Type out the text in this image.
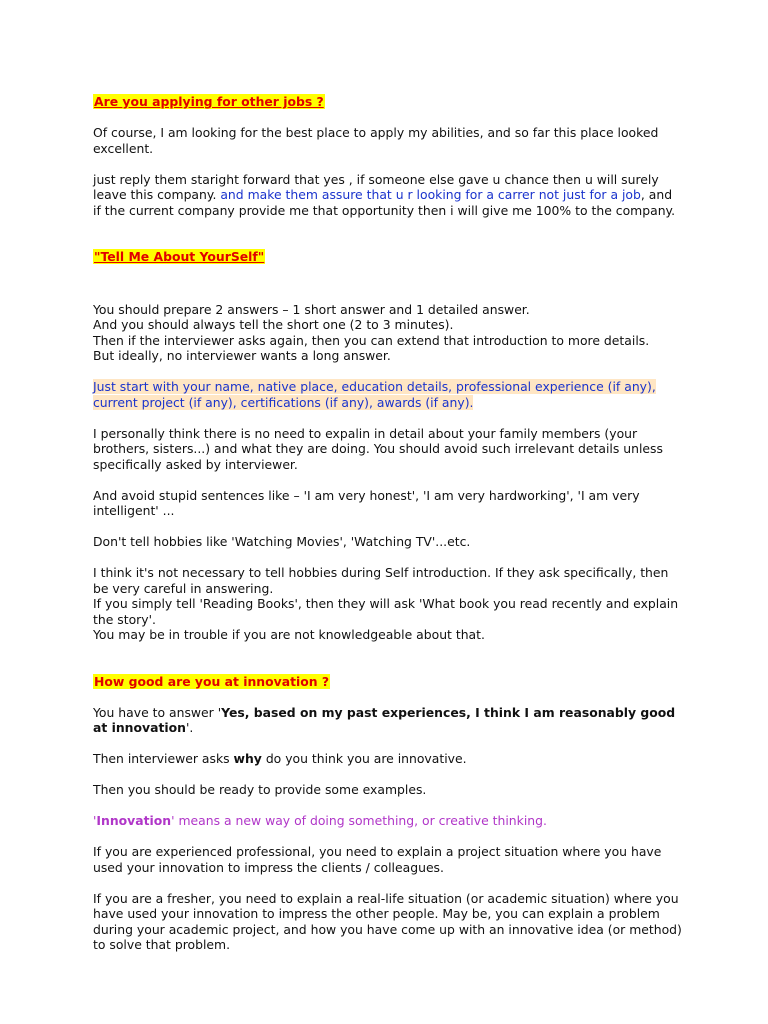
Are you applying for other jobs ?

Of course, I am looking for the best place to apply my abilities, and so far this place looked excellent.

just reply them staright forward that yes , if someone else gave u chance then u will surely leave this company. and make them assure that u r looking for a carrer not just for a job, and if the current company provide me that opportunity then i will give me 100% to the company.

"Tell Me About YourSelf"

You should prepare 2 answers – 1 short answer and 1 detailed answer.

And you should always tell the short one (2 to 3 minutes).

Then if the interviewer asks again, then you can extend that introduction to more details.

But ideally, no interviewer wants a long answer.

Just start with your name, native place, education details, professional experience (if any), current project (if any), certifications (if any), awards (if any).

I personally think there is no need to expalin in detail about your family members (your brothers, sisters...) and what they are doing. You should avoid such irrelevant details unless specifically asked by interviewer.

And avoid stupid sentences like – 'I am very honest', 'I am very hardworking', 'I am very intelligent' ...

Don't tell hobbies like 'Watching Movies', 'Watching TV'...etc.

I think it's not necessary to tell hobbies during Self introduction. If they ask specifically, then be very careful in answering.

If you simply tell 'Reading Books', then they will ask 'What book you read recently and explain the story'.

You may be in trouble if you are not knowledgeable about that.

How good are you at innovation ?

You have to answer 'Yes, based on my past experiences, I think I am reasonably good at innovation'.

Then interviewer asks why do you think you are innovative.

Then you should be ready to provide some examples.

'Innovation' means a new way of doing something, or creative thinking.

If you are experienced professional, you need to explain a project situation where you have used your innovation to impress the clients / colleagues.

If you are a fresher, you need to explain a real-life situation (or academic situation) where you have used your innovation to impress the other people. May be, you can explain a problem during your academic project, and how you have come up with an innovative idea (or method) to solve that problem.
